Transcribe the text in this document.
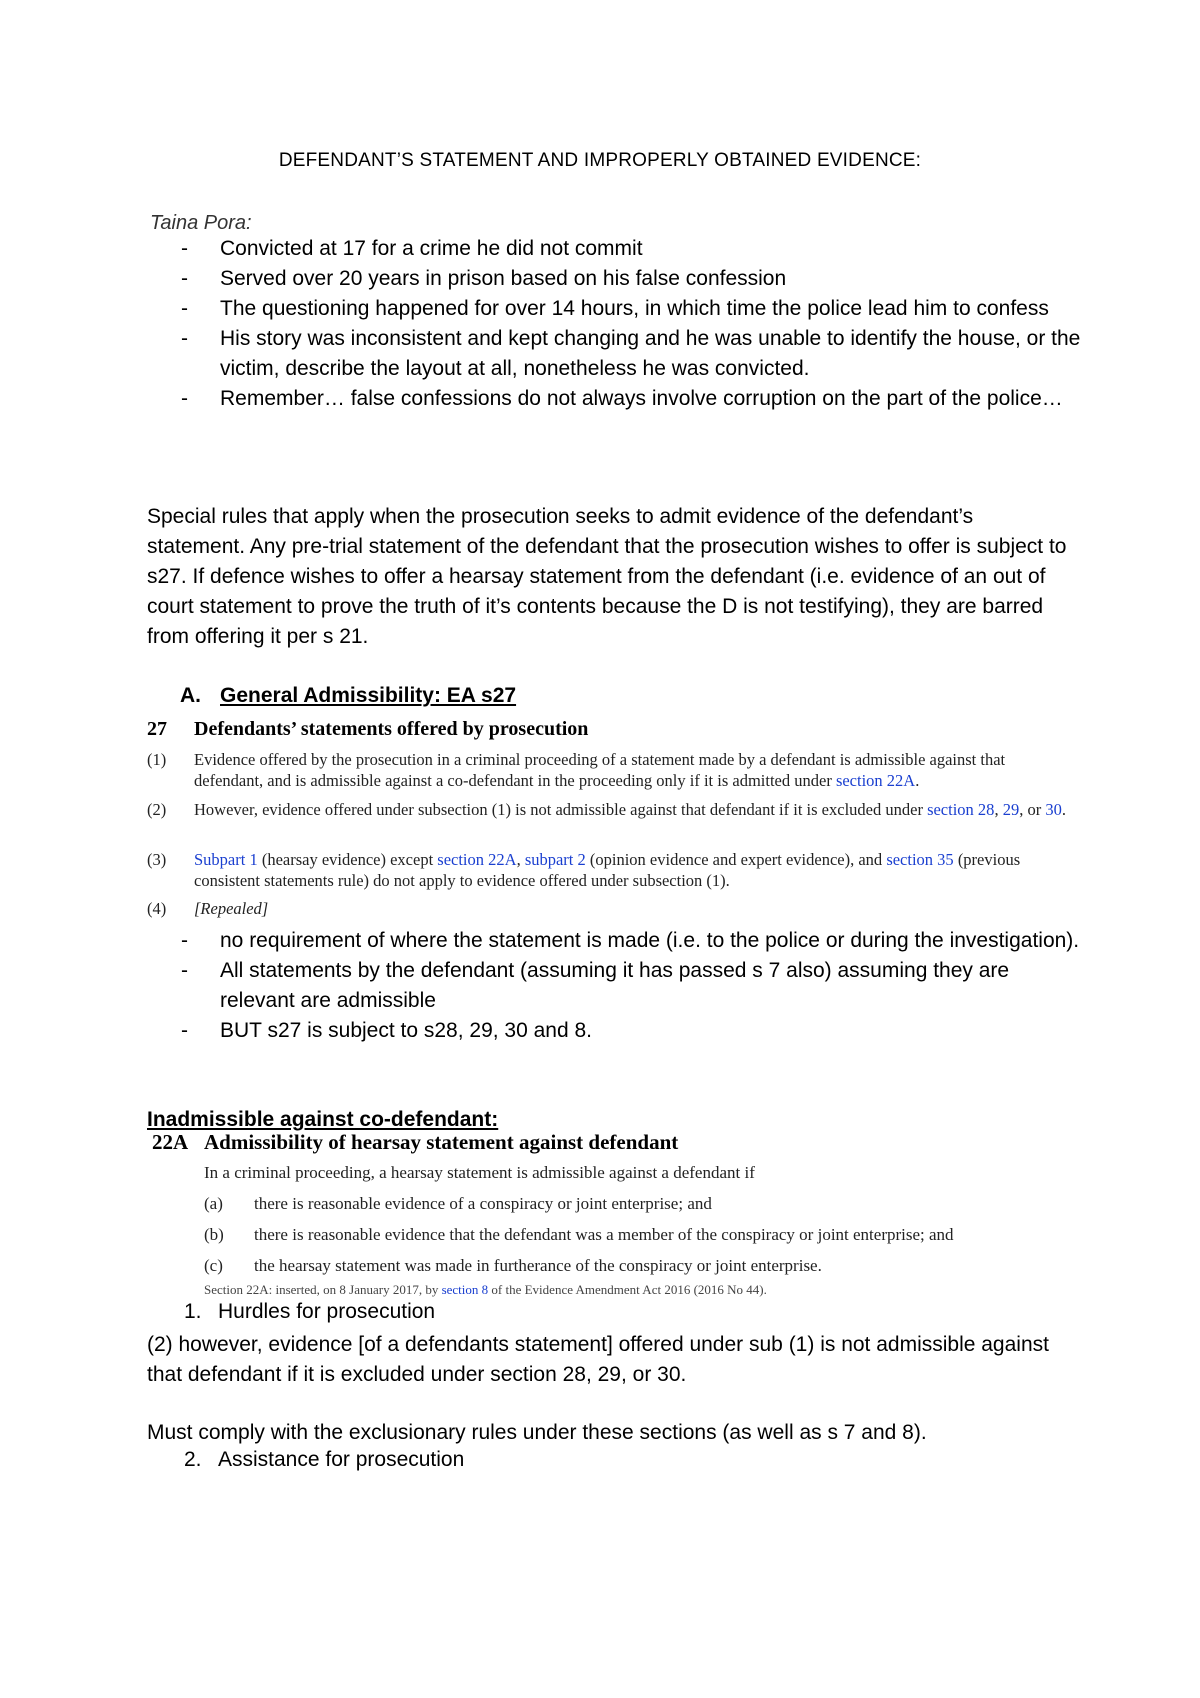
DEFENDANT’S STATEMENT AND IMPROPERLY OBTAINED EVIDENCE:
Taina Pora:
- Convicted at 17 for a crime he did not commit
- Served over 20 years in prison based on his false confession
- The questioning happened for over 14 hours, in which time the police lead him to confess
- His story was inconsistent and kept changing and he was unable to identify the house, or the victim, describe the layout at all, nonetheless he was convicted.
- Remember… false confessions do not always involve corruption on the part of the police…
Special rules that apply when the prosecution seeks to admit evidence of the defendant’s statement. Any pre-trial statement of the defendant that the prosecution wishes to offer is subject to s27. If defence wishes to offer a hearsay statement from the defendant (i.e. evidence of an out of court statement to prove the truth of it’s contents because the D is not testifying), they are barred from offering it per s 21.
A. General Admissibility: EA s27
27 Defendants’ statements offered by prosecution
(1) Evidence offered by the prosecution in a criminal proceeding of a statement made by a defendant is admissible against that defendant, and is admissible against a co-defendant in the proceeding only if it is admitted under section 22A.
(2) However, evidence offered under subsection (1) is not admissible against that defendant if it is excluded under section 28, 29, or 30.
(3) Subpart 1 (hearsay evidence) except section 22A, subpart 2 (opinion evidence and expert evidence), and section 35 (previous consistent statements rule) do not apply to evidence offered under subsection (1).
(4) [Repealed]
- no requirement of where the statement is made (i.e. to the police or during the investigation).
- All statements by the defendant (assuming it has passed s 7 also) assuming they are relevant are admissible
- BUT s27 is subject to s28, 29, 30 and 8.
Inadmissible against co-defendant:
22A Admissibility of hearsay statement against defendant
In a criminal proceeding, a hearsay statement is admissible against a defendant if
(a) there is reasonable evidence of a conspiracy or joint enterprise; and
(b) there is reasonable evidence that the defendant was a member of the conspiracy or joint enterprise; and
(c) the hearsay statement was made in furtherance of the conspiracy or joint enterprise.
Section 22A: inserted, on 8 January 2017, by section 8 of the Evidence Amendment Act 2016 (2016 No 44).
1. Hurdles for prosecution
(2) however, evidence [of a defendants statement] offered under sub (1) is not admissible against that defendant if it is excluded under section 28, 29, or 30.
Must comply with the exclusionary rules under these sections (as well as s 7 and 8).
2. Assistance for prosecution
